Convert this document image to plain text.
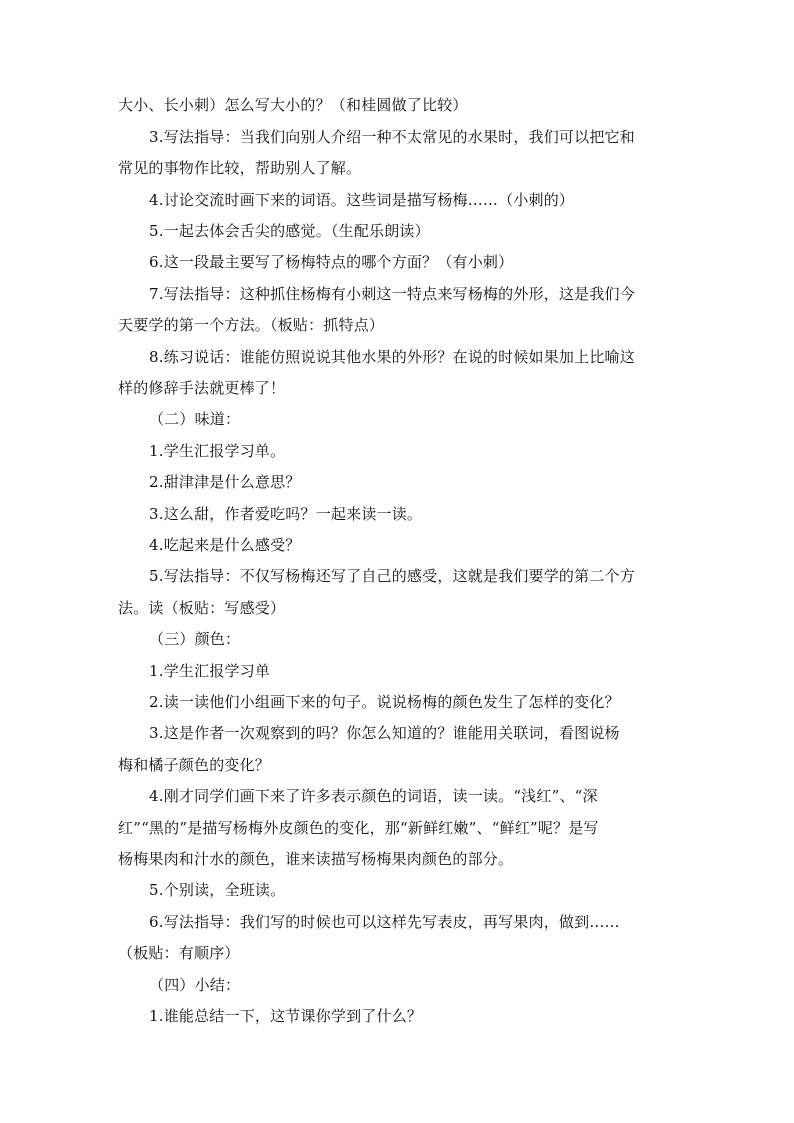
大小、长小刺）怎么写大小的？（和桂圆做了比较）
3.写法指导：当我们向别人介绍一种不太常见的水果时，我们可以把它和
常见的事物作比较，帮助别人了解。
4.讨论交流时画下来的词语。这些词是描写杨梅……（小刺的）
5.一起去体会舌尖的感觉。（生配乐朗读）
6.这一段最主要写了杨梅特点的哪个方面？（有小刺）
7.写法指导：这种抓住杨梅有小刺这一特点来写杨梅的外形，这是我们今
天要学的第一个方法。（板贴：抓特点）
8.练习说话：谁能仿照说说其他水果的外形？在说的时候如果加上比喻这
样的修辞手法就更棒了！
（二）味道：
1.学生汇报学习单。
2.甜津津是什么意思？
3.这么甜，作者爱吃吗？一起来读一读。
4.吃起来是什么感受？
5.写法指导：不仅写杨梅还写了自己的感受，这就是我们要学的第二个方
法。读（板贴：写感受）
（三）颜色：
1.学生汇报学习单
2.读一读他们小组画下来的句子。说说杨梅的颜色发生了怎样的变化？
3.这是作者一次观察到的吗？你怎么知道的？谁能用关联词，看图说杨
梅和橘子颜色的变化？
4.刚才同学们画下来了许多表示颜色的词语，读一读。“浅红”、“深
红”“黑的”是描写杨梅外皮颜色的变化，那“新鲜红嫩”、“鲜红”呢？是写
杨梅果肉和汁水的颜色，谁来读描写杨梅果肉颜色的部分。
5.个别读，全班读。
6.写法指导：我们写的时候也可以这样先写表皮，再写果肉，做到……
（板贴：有顺序）
（四）小结：
1.谁能总结一下，这节课你学到了什么？
